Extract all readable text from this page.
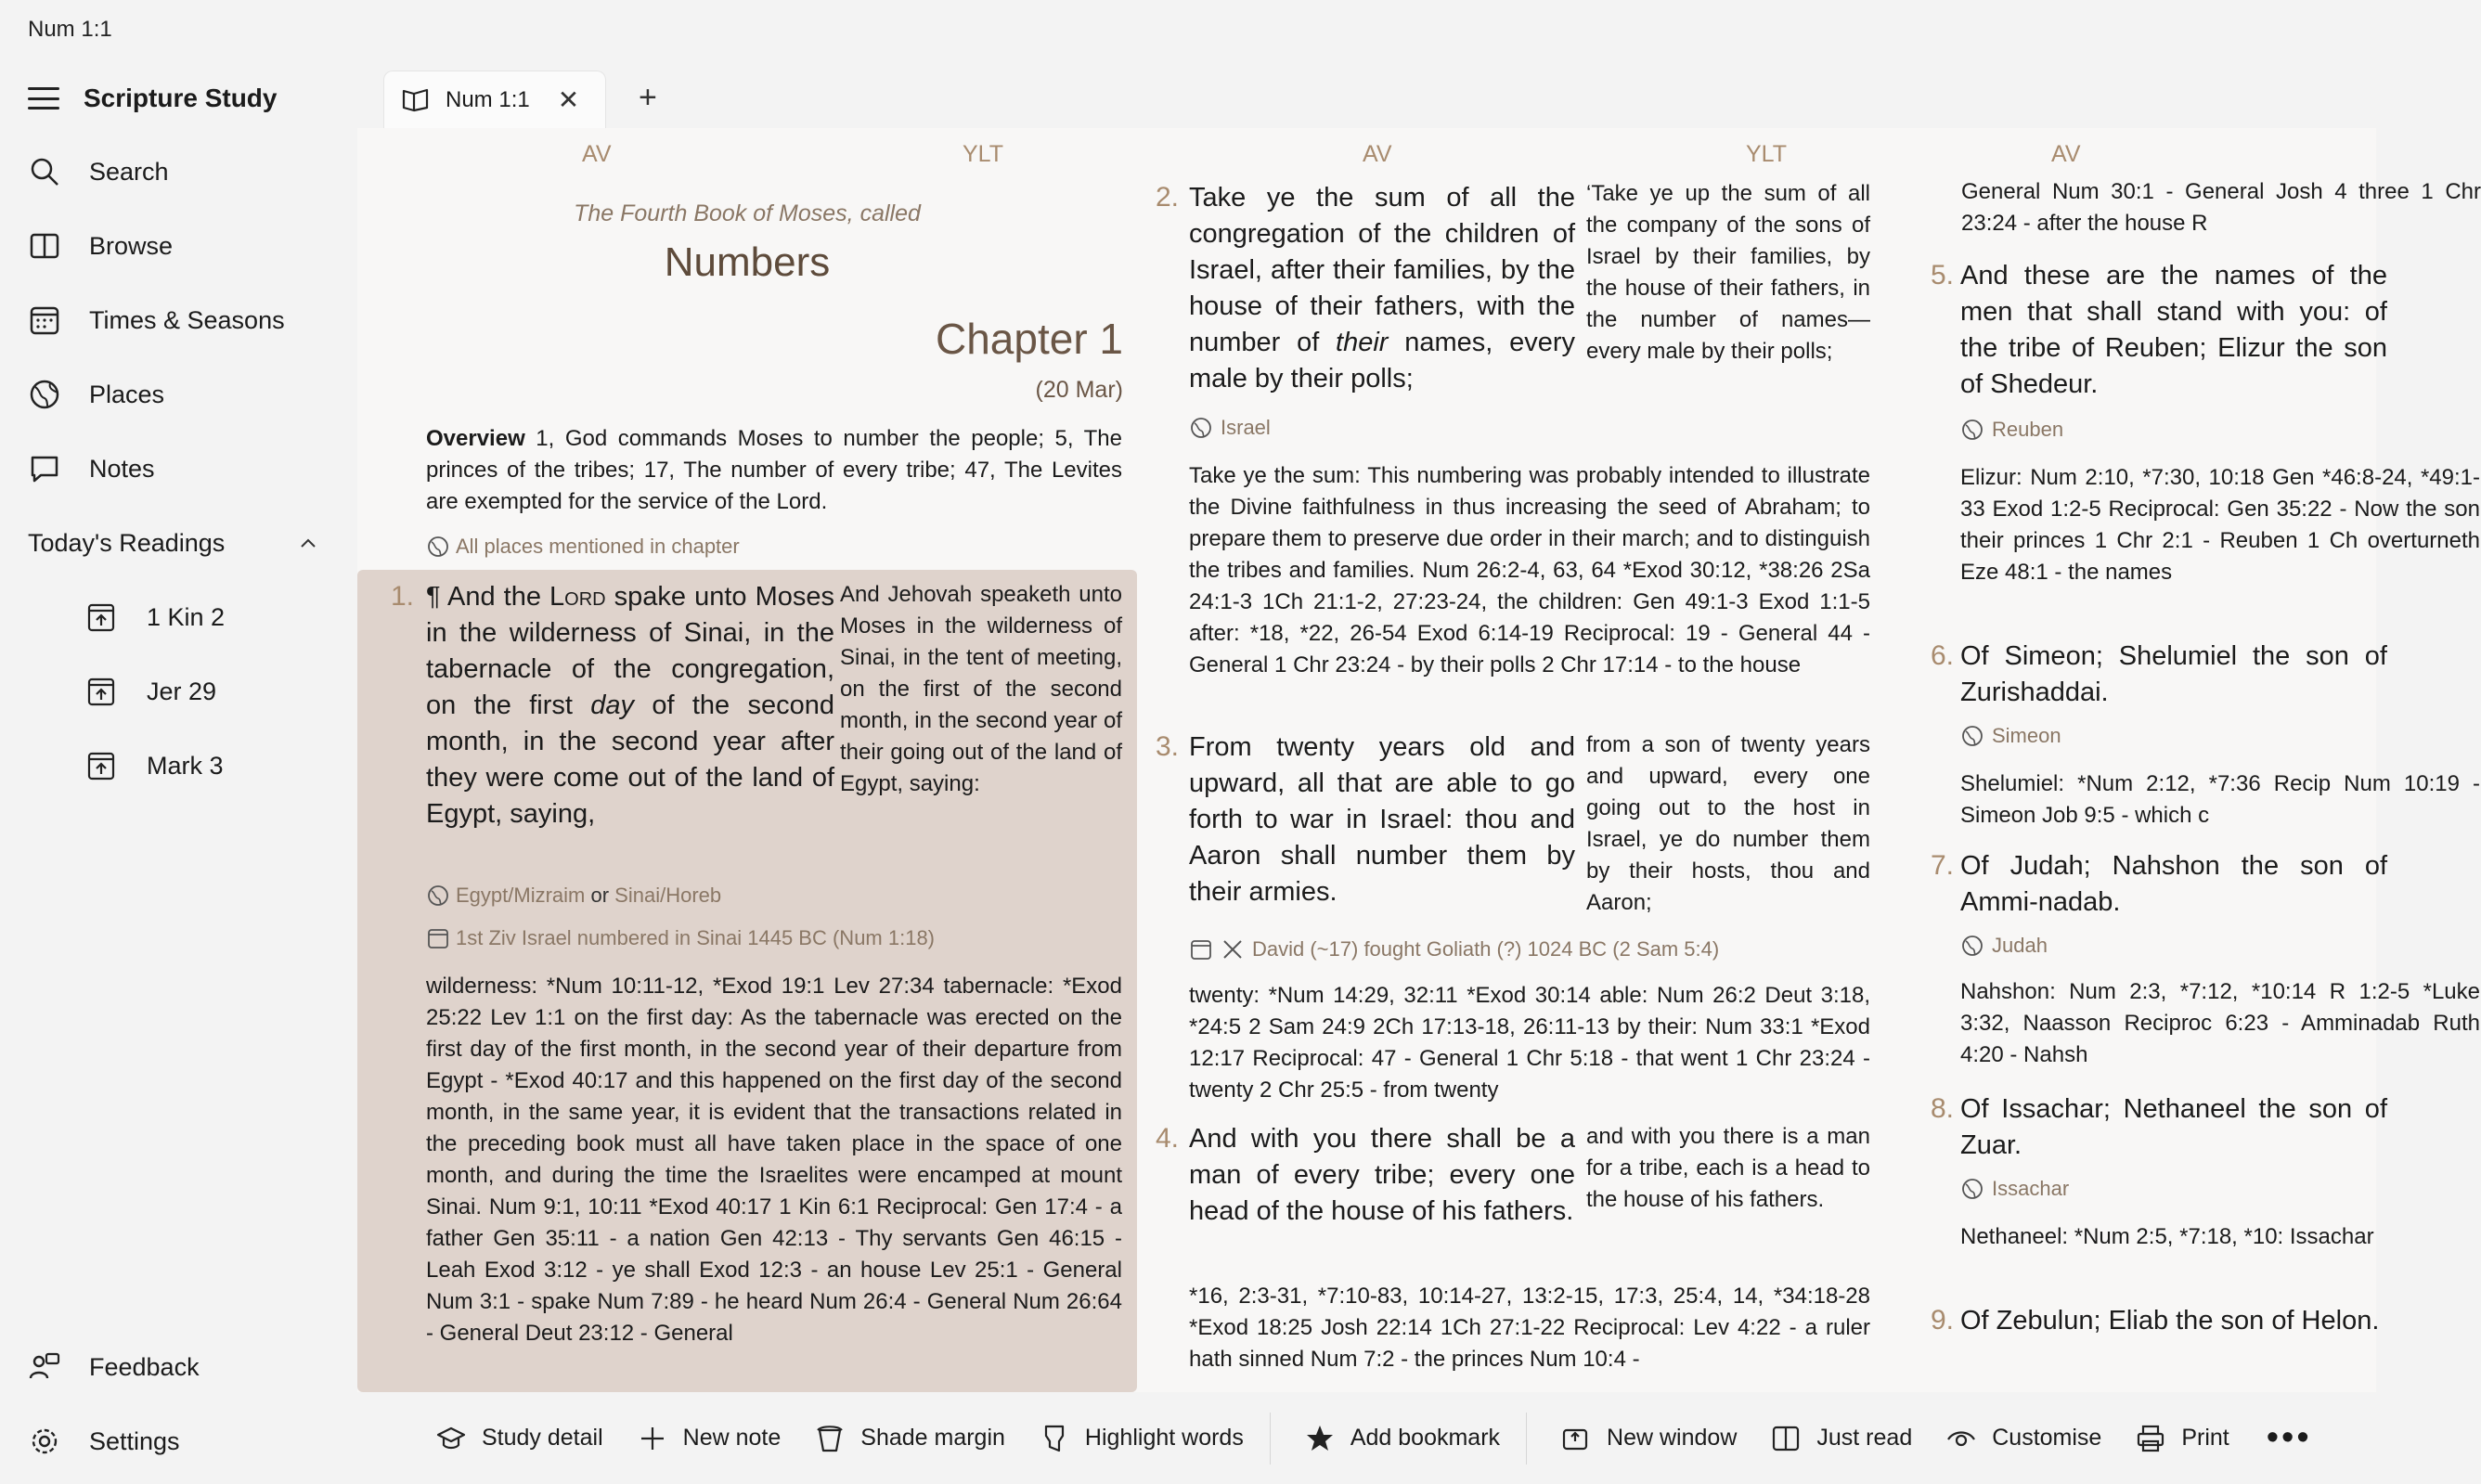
Num 1:1
Scripture Study
Search
Browse
Times & Seasons
Places
Notes
Today's Readings
1 Kin 2
Jer 29
Mark 3
Feedback
Settings
Num 1:1 ✕ +
AV	YLT
The Fourth Book of Moses, called
Numbers
Chapter 1
(20 Mar)
Overview 1, God commands Moses to number the people; 5, The princes of the tribes; 17, The number of every tribe; 47, The Levites are exempted for the service of the Lord.
All places mentioned in chapter
1. ¶ And the Lord spake unto Moses in the wilderness of Sinai, in the tabernacle of the congregation, on the first day of the second month, in the second year after they were come out of the land of Egypt, saying,
And Jehovah speaketh unto Moses in the wilderness of Sinai, in the tent of meeting, on the first of the second month, in the second year of their going out of the land of Egypt, saying:
Egypt/Mizraim
or
Sinai/Horeb
1st Ziv Israel numbered in Sinai 1445 BC (Num 1:18)
wilderness: *Num 10:11-12, *Exod 19:1 Lev 27:34 tabernacle: *Exod 25:22 Lev 1:1 on the first day: As the tabernacle was erected on the first day of the first month, in the second year of their departure from Egypt - *Exod 40:17 and this happened on the first day of the second month, in the same year, it is evident that the transactions related in the preceding book must all have taken place in the space of one month, and during the time the Israelites were encamped at mount Sinai. Num 9:1, 10:11 *Exod 40:17 1 Kin 6:1 Reciprocal: Gen 17:4 - a father Gen 35:11 - a nation Gen 42:13 - Thy servants Gen 46:15 - Leah Exod 3:12 - ye shall Exod 12:3 - an house Lev 25:1 - General Num 3:1 - spake Num 7:89 - he heard Num 26:4 - General Num 26:64 - General Deut 23:12 - General
AV	YLT
2. Take ye the sum of all the congregation of the children of Israel, after their families, by the house of their fathers, with the number of their names, every male by their polls;
‘Take ye up the sum of all the company of the sons of Israel by their families, by the house of their fathers, in the number of names—every male by their polls;
Israel
Take ye the sum: This numbering was probably intended to illustrate the Divine faithfulness in thus increasing the seed of Abraham; to prepare them to preserve due order in their march; and to distinguish the tribes and families. Num 26:2-4, 63, 64 *Exod 30:12, *38:26 2Sa 24:1-3 1Ch 21:1-2, 27:23-24, the children: Gen 49:1-3 Exod 1:1-5 after: *18, *22, 26-54 Exod 6:14-19 Reciprocal: 19 - General 44 - General 1 Chr 23:24 - by their polls 2 Chr 17:14 - to the house
3. From twenty years old and upward, all that are able to go forth to war in Israel: thou and Aaron shall number them by their armies.
from a son of twenty years and upward, every one going out to the host in Israel, ye do number them by their hosts, thou and Aaron;
David (~17) fought Goliath (?) 1024 BC (2 Sam 5:4)
twenty: *Num 14:29, 32:11 *Exod 30:14 able: Num 26:2 Deut 3:18, *24:5 2 Sam 24:9 2Ch 17:13-18, 26:11-13 by their: Num 33:1 *Exod 12:17 Reciprocal: 47 - General 1 Chr 5:18 - that went 1 Chr 23:24 - twenty 2 Chr 25:5 - from twenty
4. And with you there shall be a man of every tribe; every one head of the house of his fathers.
and with you there is a man for a tribe, each is a head to the house of his fathers.
*16, 2:3-31, *7:10-83, 10:14-27, 13:2-15, 17:3, 25:4, 14, *34:18-28 *Exod 18:25 Josh 22:14 1Ch 27:1-22 Reciprocal: Lev 4:22 - a ruler hath sinned Num 7:2 - the princes Num 10:4 -
AV
General Num 30:1 - General Josh 4 three 1 Chr 23:24 - after the house R
5. And these are the names of the men that shall stand with you: of the tribe of Reuben; Elizur the son of Shedeur.
Reuben
Elizur: Num 2:10, *7:30, 10:18 Gen *46:8-24, *49:1-33 Exod 1:2-5 Reciprocal: Gen 35:22 - Now the son their princes 1 Chr 2:1 - Reuben 1 Ch overturneth Eze 48:1 - the names
6. Of Simeon; Shelumiel the son of Zurishaddai.
Simeon
Shelumiel: *Num 2:12, *7:36 Recip Num 10:19 - Simeon Job 9:5 - which c
7. Of Judah; Nahshon the son of Ammi-nadab.
Judah
Nahshon: Num 2:3, *7:12, *10:14 R 1:2-5 *Luke 3:32, Naasson Reciproc 6:23 - Amminadab Ruth 4:20 - Nahsh
8. Of Issachar; Nethaneel the son of Zuar.
Issachar
Nethaneel: *Num 2:5, *7:18, *10: Issachar
9. Of Zebulun; Eliab the son of Helon.
Study detail	New note	Shade margin	Highlight words	Add bookmark	New window	Just read	Customise	Print •••
